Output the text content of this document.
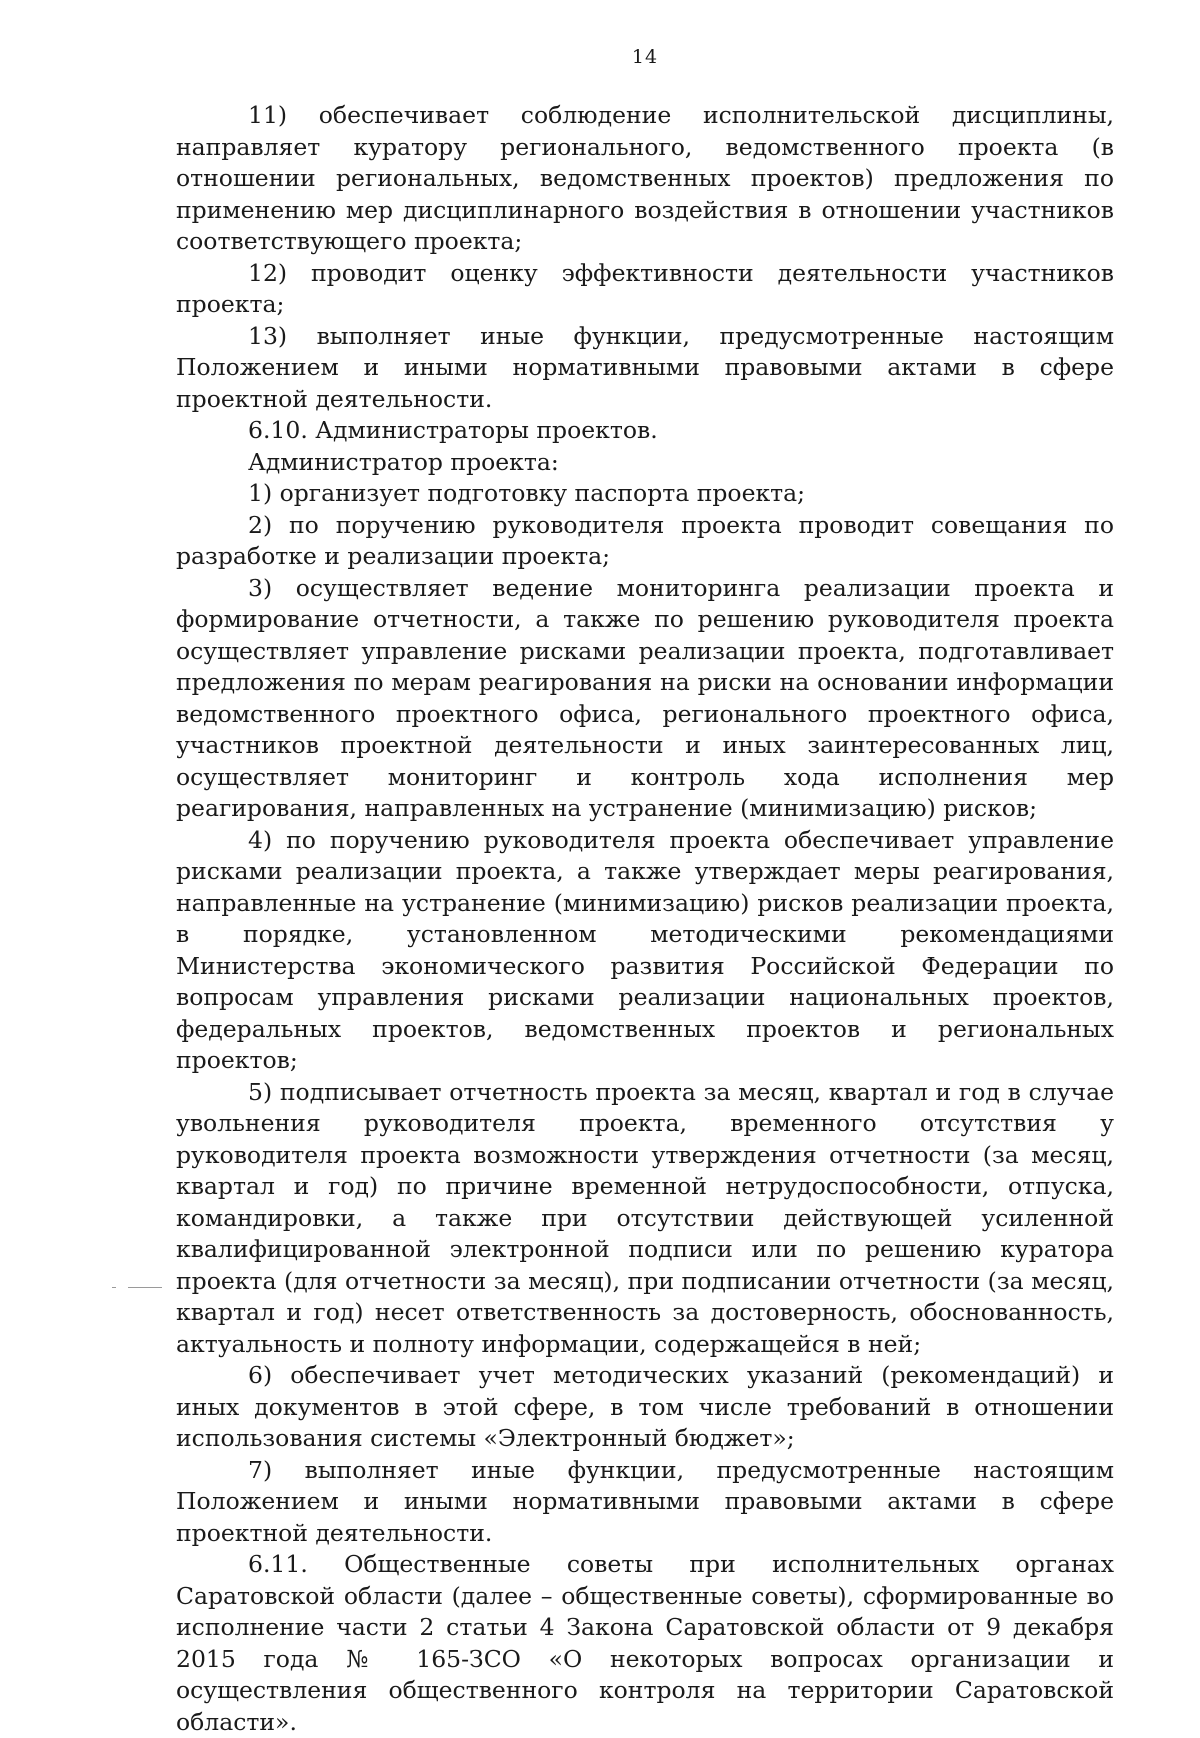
14

11) обеспечивает соблюдение исполнительской дисциплины, направляет куратору регионального, ведомственного проекта (в отношении региональных, ведомственных проектов) предложения по применению мер дисциплинарного воздействия в отношении участников соответствующего проекта;

12) проводит оценку эффективности деятельности участников проекта;

13) выполняет иные функции, предусмотренные настоящим Положением и иными нормативными правовыми актами в сфере проектной деятельности.

6.10. Администраторы проектов.

Администратор проекта:

1) организует подготовку паспорта проекта;

2) по поручению руководителя проекта проводит совещания по разработке и реализации проекта;

3) осуществляет ведение мониторинга реализации проекта и формирование отчетности, а также по решению руководителя проекта осуществляет управление рисками реализации проекта, подготавливает предложения по мерам реагирования на риски на основании информации ведомственного проектного офиса, регионального проектного офиса, участников проектной деятельности и иных заинтересованных лиц, осуществляет мониторинг и контроль хода исполнения мер реагирования, направленных на устранение (минимизацию) рисков;

4) по поручению руководителя проекта обеспечивает управление рисками реализации проекта, а также утверждает меры реагирования, направленные на устранение (минимизацию) рисков реализации проекта, в порядке, установленном методическими рекомендациями Министерства экономического развития Российской Федерации по вопросам управления рисками реализации национальных проектов, федеральных проектов, ведомственных проектов и региональных проектов;

5) подписывает отчетность проекта за месяц, квартал и год в случае увольнения руководителя проекта, временного отсутствия у руководителя проекта возможности утверждения отчетности (за месяц, квартал и год) по причине временной нетрудоспособности, отпуска, командировки, а также при отсутствии действующей усиленной квалифицированной электронной подписи или по решению куратора проекта (для отчетности за месяц), при подписании отчетности (за месяц, квартал и год) несет ответственность за достоверность, обоснованность, актуальность и полноту информации, содержащейся в ней;

6) обеспечивает учет методических указаний (рекомендаций) и иных документов в этой сфере, в том числе требований в отношении использования системы «Электронный бюджет»;

7) выполняет иные функции, предусмотренные настоящим Положением и иными нормативными правовыми актами в сфере проектной деятельности.

6.11. Общественные советы при исполнительных органах Саратовской области (далее – общественные советы), сформированные во исполнение части 2 статьи 4 Закона Саратовской области от 9 декабря 2015 года № 165-ЗСО «О некоторых вопросах организации и осуществления общественного контроля на территории Саратовской области».
